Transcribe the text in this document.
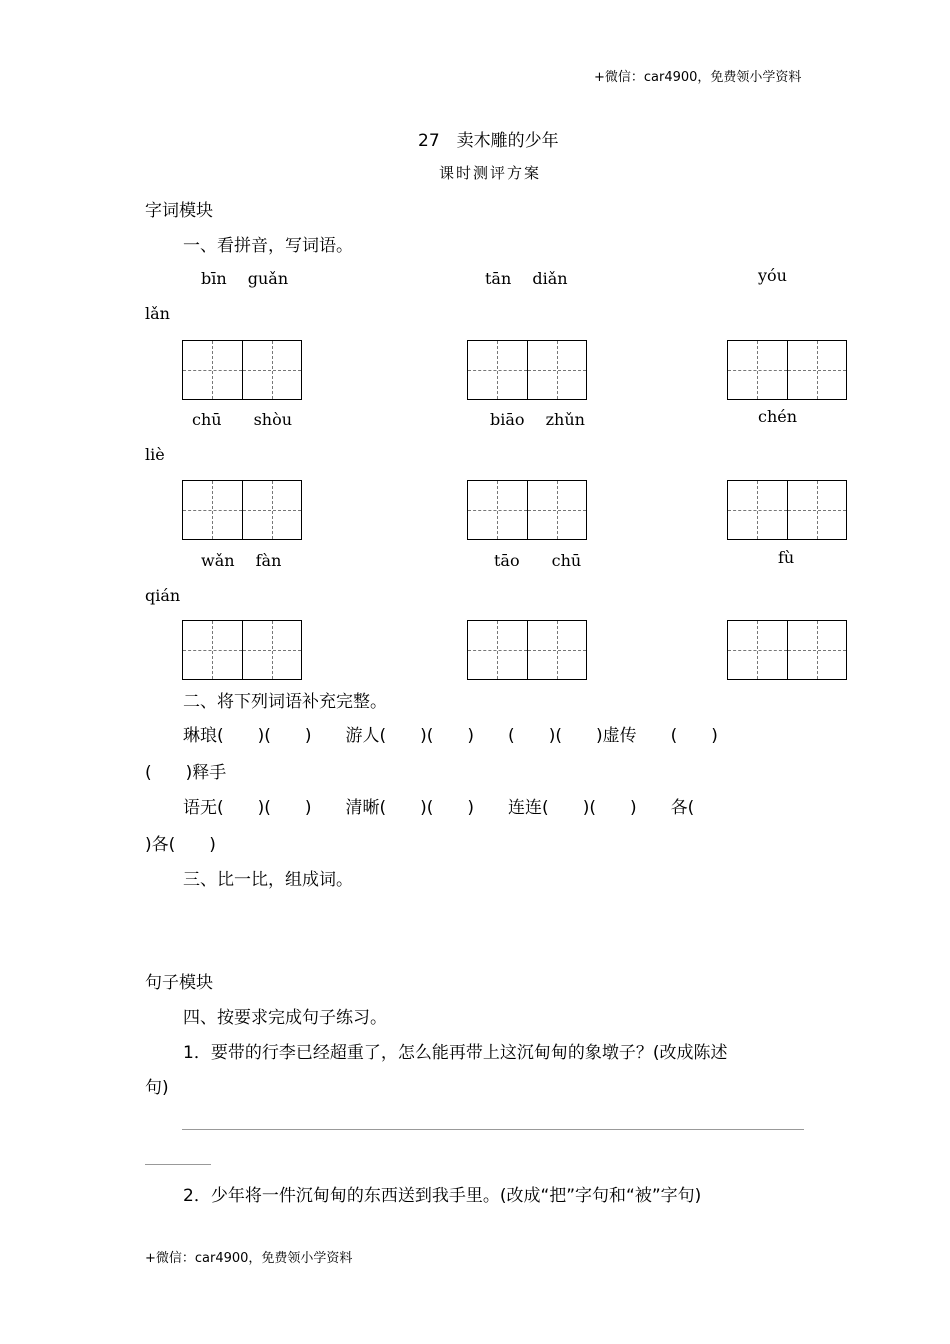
+微信：car4900，免费领小学资料
27　卖木雕的少年
课时测评方案
字词模块
一、看拼音，写词语。
bīn　 guǎn	tān　 diǎn	yóu
lǎn
chū　　shòu	biāo　 zhǔn	chén
liè
wǎn　 fàn	tāo　　chū	fù
qián
二、将下列词语补充完整。
琳琅(　　)(　　)　　游人(　　)(　　)　　(　　)(　　)虚传　　(　　)
(　　)释手
语无(　　)(　　)　　清晰(　　)(　　)　　连连(　　)(　　)　　各(
)各(　　)
三、比一比，组成词。
句子模块
四、按要求完成句子练习。
1．要带的行李已经超重了，怎么能再带上这沉甸甸的象墩子？(改成陈述
句)
2．少年将一件沉甸甸的东西送到我手里。(改成“把”字句和“被”字句)
+微信：car4900，免费领小学资料
